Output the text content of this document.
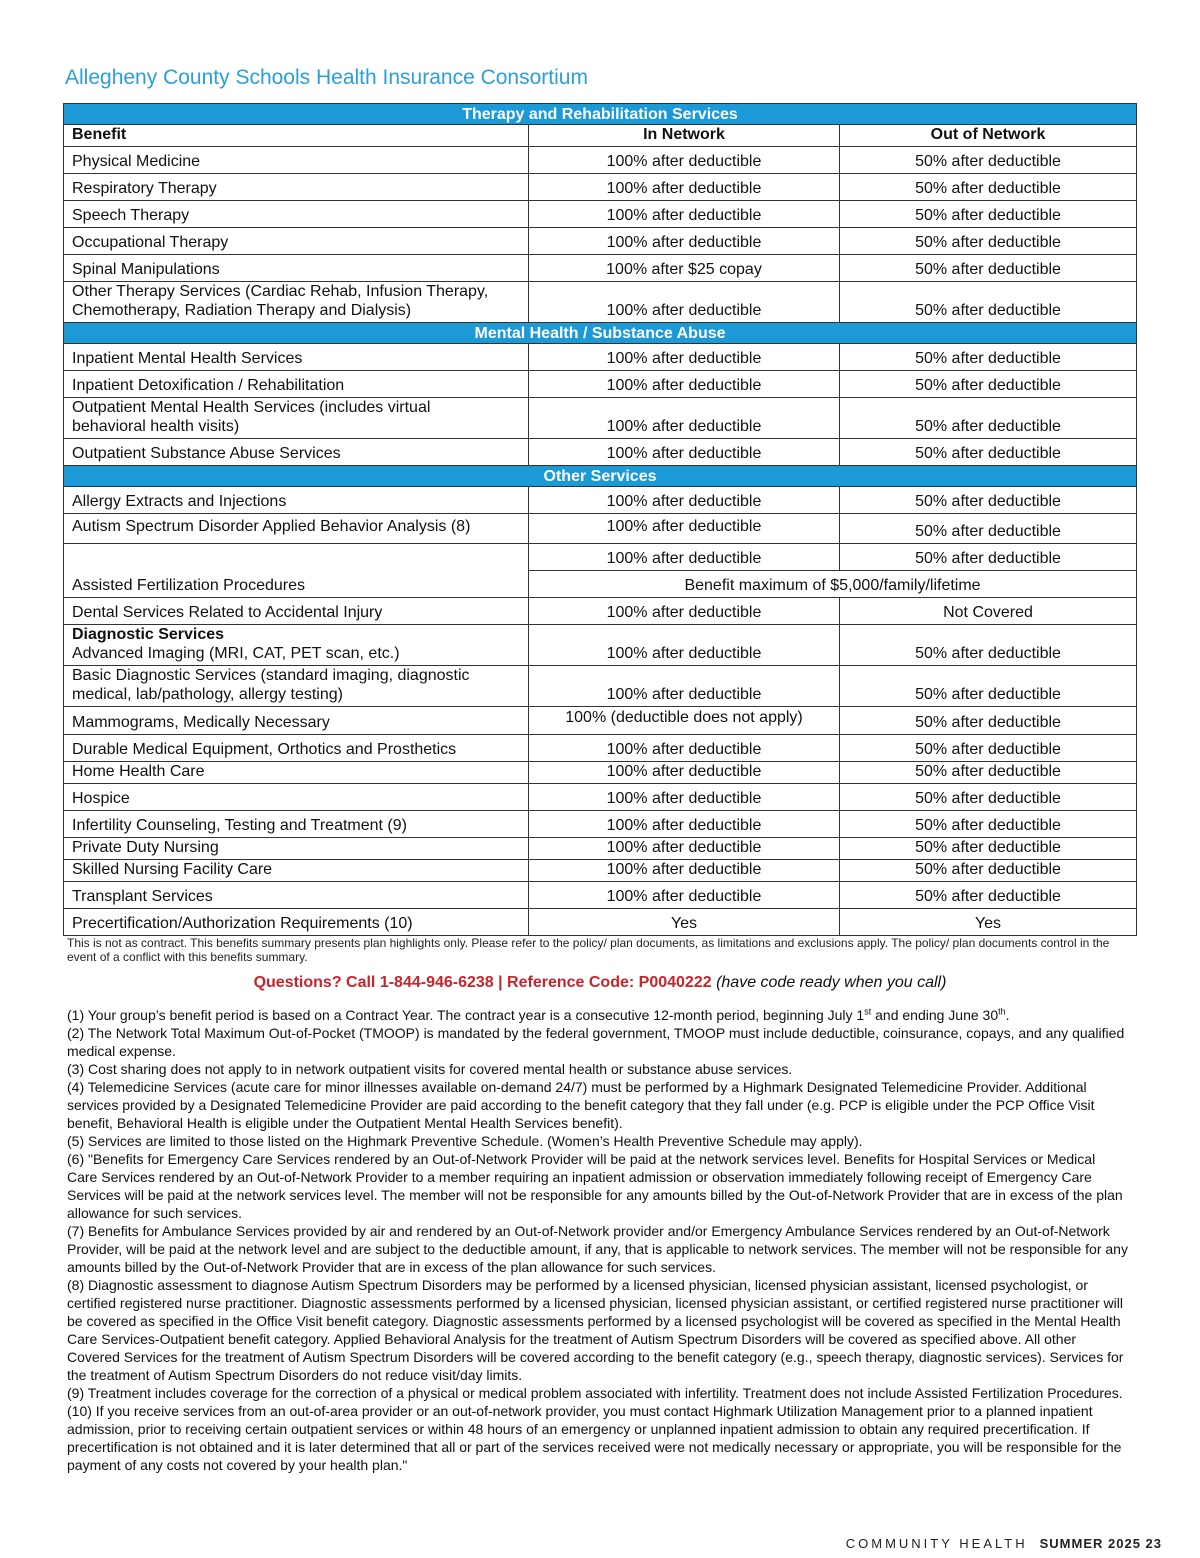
Allegheny County Schools Health Insurance Consortium
Therapy and Rehabilitation Services		
Benefit	In Network	Out of Network
Physical Medicine	100% after deductible	50% after deductible
Respiratory Therapy	100% after deductible	50% after deductible
Speech Therapy	100% after deductible	50% after deductible
Occupational Therapy	100% after deductible	50% after deductible
Spinal Manipulations	100% after $25 copay	50% after deductible

Other Therapy Services (Cardiac Rehab, Infusion Therapy,
Chemotherapy, Radiation Therapy and Dialysis)	100% after deductible	50% after deductible
Mental Health / Substance Abuse		
Inpatient Mental Health Services	100% after deductible	50% after deductible
Inpatient Detoxification / Rehabilitation	100% after deductible	50% after deductible

Outpatient Mental Health Services (includes virtual
behavioral health visits)	100% after deductible	50% after deductible
Outpatient Substance Abuse Services	100% after deductible	50% after deductible
Other Services		
Allergy Extracts and Injections	100% after deductible	50% after deductible
Autism Spectrum Disorder Applied Behavior Analysis (8)	100% after deductible	50% after deductible
Assisted Fertilization Procedures	100% after deductible	50% after deductible
	Benefit maximum of $5,000/family/lifetime	
Dental Services Related to Accidental Injury	100% after deductible	Not Covered

Diagnostic Services
Advanced Imaging (MRI, CAT, PET scan, etc.)	100% after deductible	50% after deductible

Basic Diagnostic Services (standard imaging, diagnostic
medical, lab/pathology, allergy testing)	100% after deductible	50% after deductible
Mammograms, Medically Necessary	100% (deductible does not apply)	50% after deductible
Durable Medical Equipment, Orthotics and Prosthetics	100% after deductible	50% after deductible
Home Health Care	100% after deductible	50% after deductible
Hospice	100% after deductible	50% after deductible
Infertility Counseling, Testing and Treatment (9)	100% after deductible	50% after deductible
Private Duty Nursing	100% after deductible	50% after deductible
Skilled Nursing Facility Care	100% after deductible	50% after deductible
Transplant Services	100% after deductible	50% after deductible
Precertification/Authorization Requirements (10)	Yes	Yes
This is not as contract. This benefits summary presents plan highlights only. Please refer to the policy/ plan documents, as limitations and exclusions apply. The policy/ plan documents control in the event of a conflict with this benefits summary.
Questions? Call 1-844-946-6238 | Reference Code: P0040222 (have code ready when you call)

(1) Your group’s benefit period is based on a Contract Year. The contract year is a consecutive 12-month period, beginning July 1st and ending June 30th.

(2) The Network Total Maximum Out-of-Pocket (TMOOP) is mandated by the federal government, TMOOP must include deductible, coinsurance, copays, and any qualified medical expense.

(3) Cost sharing does not apply to in network outpatient visits for covered mental health or substance abuse services.

(4) Telemedicine Services (acute care for minor illnesses available on-demand 24/7) must be performed by a Highmark Designated Telemedicine Provider. Additional services provided by a Designated Telemedicine Provider are paid according to the benefit category that they fall under (e.g. PCP is eligible under the PCP Office Visit benefit, Behavioral Health is eligible under the Outpatient Mental Health Services benefit).

(5) Services are limited to those listed on the Highmark Preventive Schedule. (Women’s Health Preventive Schedule may apply).

(6) "Benefits for Emergency Care Services rendered by an Out-of-Network Provider will be paid at the network services level. Benefits for Hospital Services or Medical Care Services rendered by an Out-of-Network Provider to a member requiring an inpatient admission or observation immediately following receipt of Emergency Care Services will be paid at the network services level. The member will not be responsible for any amounts billed by the Out-of-Network Provider that are in excess of the plan allowance for such services.

(7) Benefits for Ambulance Services provided by air and rendered by an Out-of-Network provider and/or Emergency Ambulance Services rendered by an Out-of-Network Provider, will be paid at the network level and are subject to the deductible amount, if any, that is applicable to network services. The member will not be responsible for any amounts billed by the Out-of-Network Provider that are in excess of the plan allowance for such services.

(8) Diagnostic assessment to diagnose Autism Spectrum Disorders may be performed by a licensed physician, licensed physician assistant, licensed psychologist, or certified registered nurse practitioner. Diagnostic assessments performed by a licensed physician, licensed physician assistant, or certified registered nurse practitioner will be covered as specified in the Office Visit benefit category. Diagnostic assessments performed by a licensed psychologist will be covered as specified in the Mental Health Care Services-Outpatient benefit category. Applied Behavioral Analysis for the treatment of Autism Spectrum Disorders will be covered as specified above. All other Covered Services for the treatment of Autism Spectrum Disorders will be covered according to the benefit category (e.g., speech therapy, diagnostic services). Services for the treatment of Autism Spectrum Disorders do not reduce visit/day limits.

(9) Treatment includes coverage for the correction of a physical or medical problem associated with infertility. Treatment does not include Assisted Fertilization Procedures.

(10) If you receive services from an out-of-area provider or an out-of-network provider, you must contact Highmark Utilization Management prior to a planned inpatient admission, prior to receiving certain outpatient services or within 48 hours of an emergency or unplanned inpatient admission to obtain any required precertification. If precertification is not obtained and it is later determined that all or part of the services received were not medically necessary or appropriate, you will be responsible for the payment of any costs not covered by your health plan."

COMMUNITY HEALTH SUMMER 2025 23
